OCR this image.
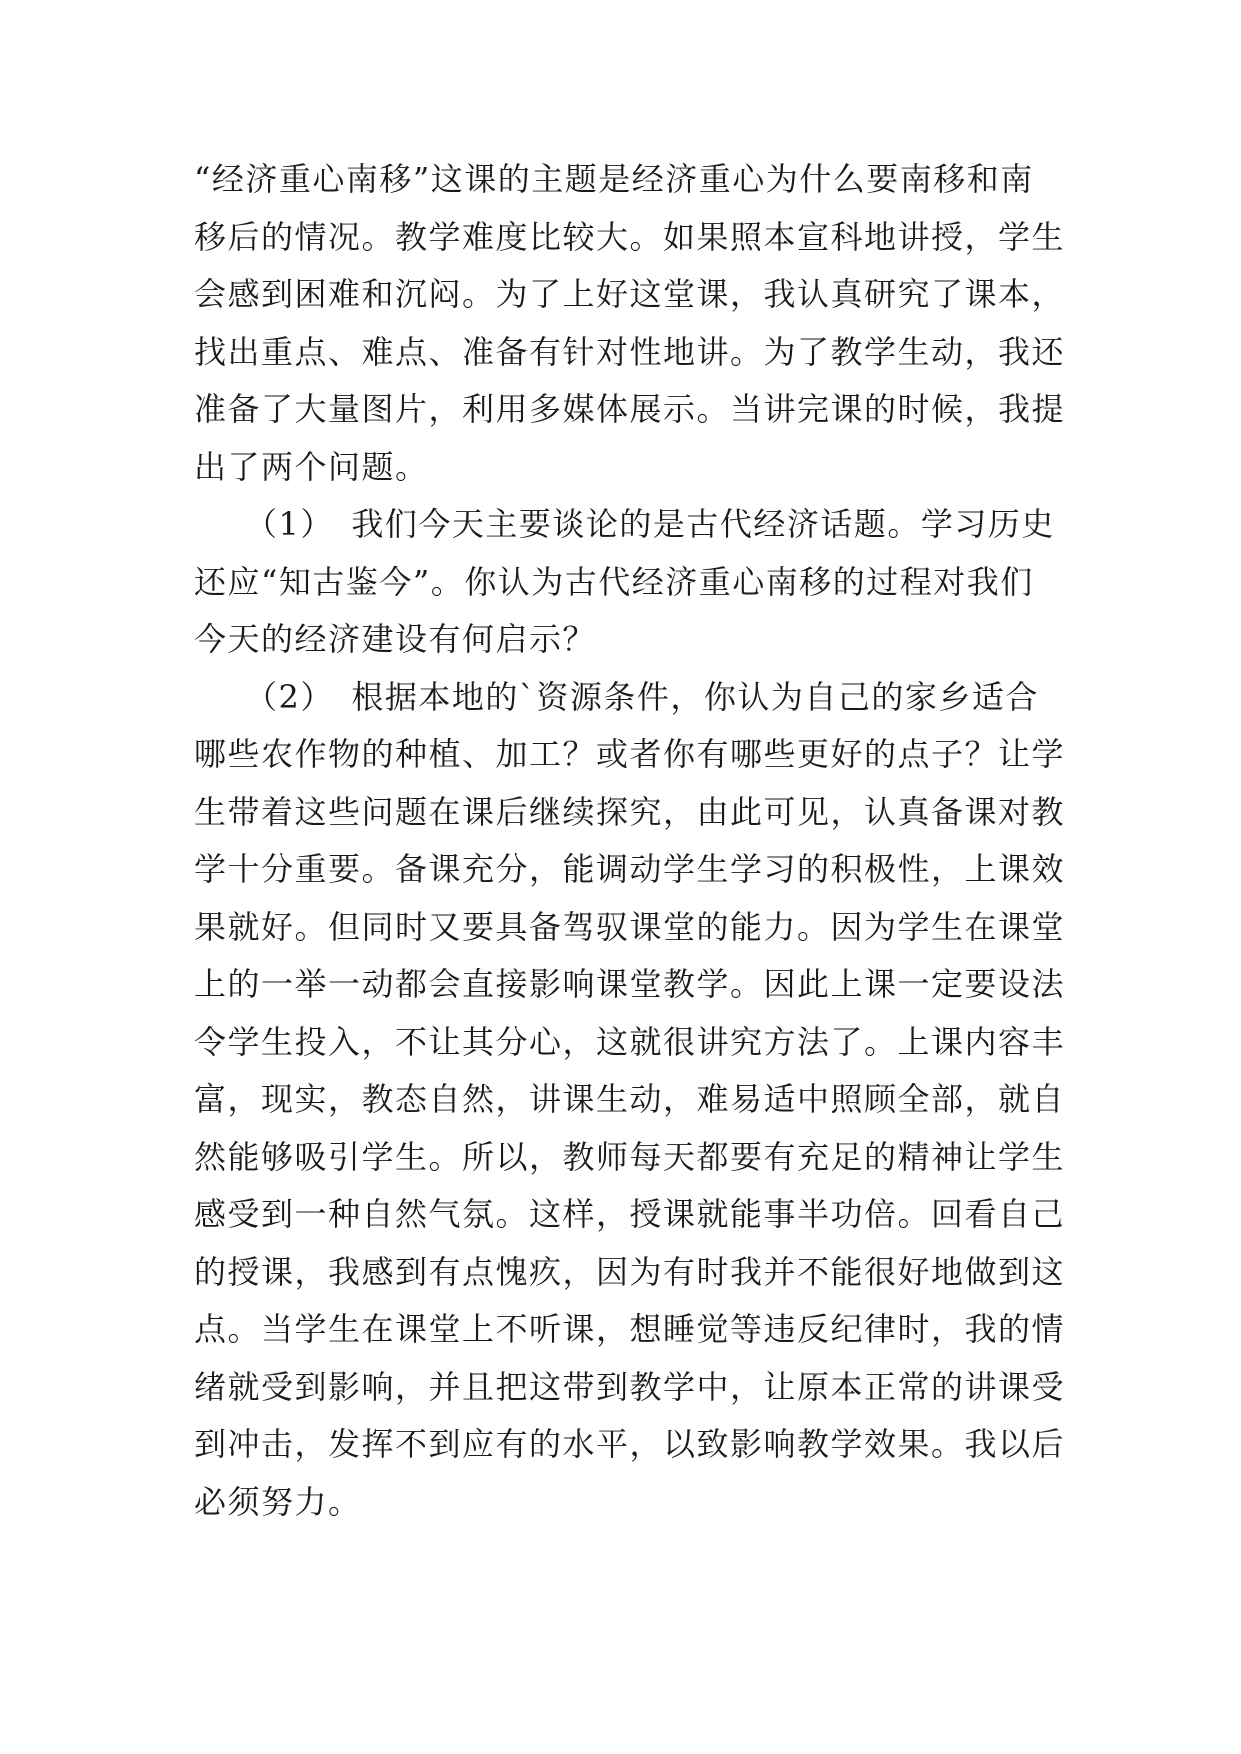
“经济重心南移”这课的主题是经济重心为什么要南移和南
移后的情况。教学难度比较大。如果照本宣科地讲授，学生
会感到困难和沉闷。为了上好这堂课，我认真研究了课本，
找出重点、难点、准备有针对性地讲。为了教学生动，我还
准备了大量图片，利用多媒体展示。当讲完课的时候，我提
出了两个问题。
　　（1）　我们今天主要谈论的是古代经济话题。学习历史
还应“知古鉴今”。你认为古代经济重心南移的过程对我们
今天的经济建设有何启示？
　　（2）　根据本地的`资源条件，你认为自己的家乡适合
哪些农作物的种植、加工？或者你有哪些更好的点子？让学
生带着这些问题在课后继续探究，由此可见，认真备课对教
学十分重要。备课充分，能调动学生学习的积极性，上课效
果就好。但同时又要具备驾驭课堂的能力。因为学生在课堂
上的一举一动都会直接影响课堂教学。因此上课一定要设法
令学生投入，不让其分心，这就很讲究方法了。上课内容丰
富，现实，教态自然，讲课生动，难易适中照顾全部，就自
然能够吸引学生。所以，教师每天都要有充足的精神让学生
感受到一种自然气氛。这样，授课就能事半功倍。回看自己
的授课，我感到有点愧疚，因为有时我并不能很好地做到这
点。当学生在课堂上不听课，想睡觉等违反纪律时，我的情
绪就受到影响，并且把这带到教学中，让原本正常的讲课受
到冲击，发挥不到应有的水平，以致影响教学效果。我以后
必须努力。
